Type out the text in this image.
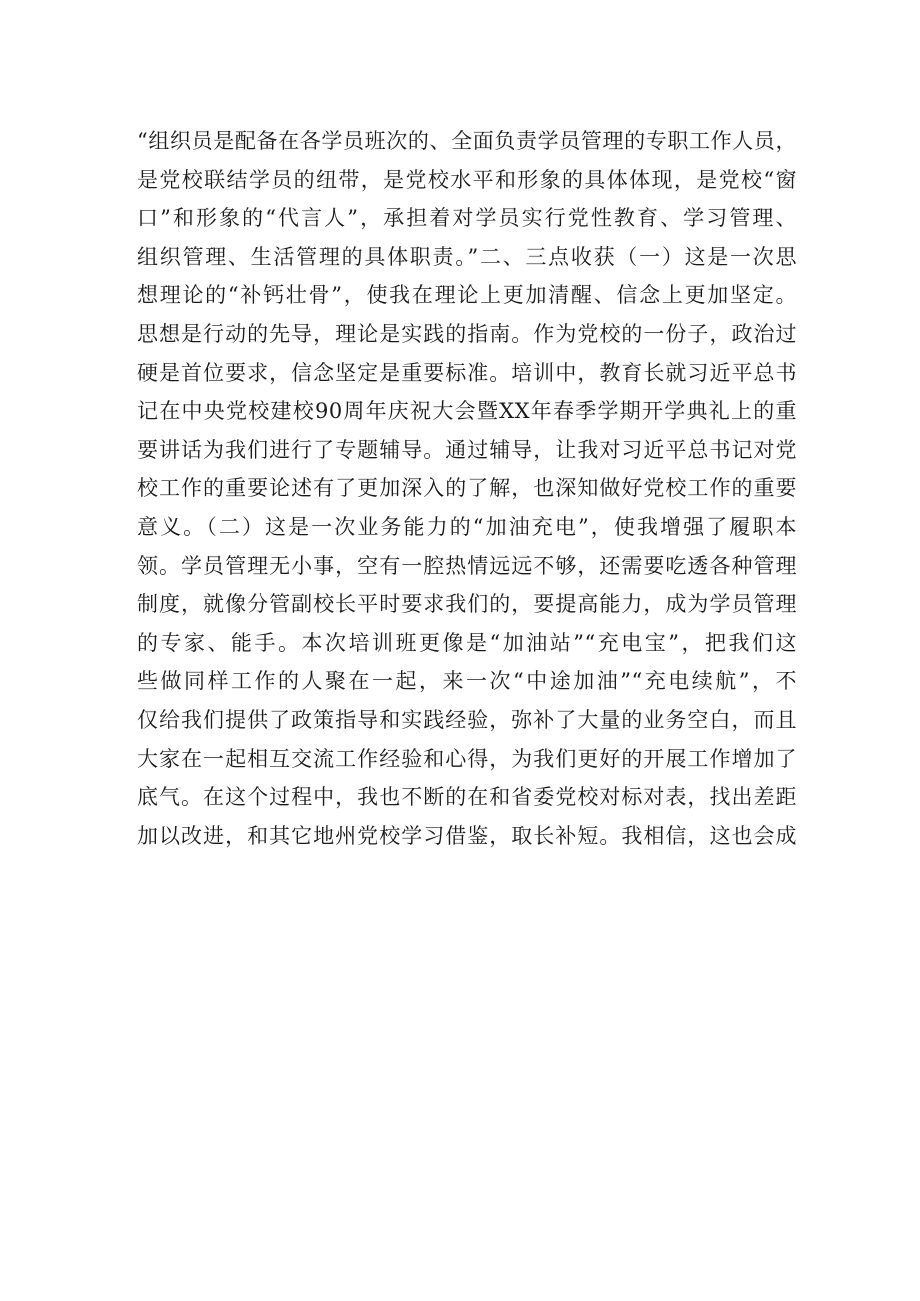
“组织员是配备在各学员班次的、全面负责学员管理的专职工作人员，
是党校联结学员的纽带，是党校水平和形象的具体体现，是党校“窗
口”和形象的“代言人”，承担着对学员实行党性教育、学习管理、
组织管理、生活管理的具体职责。”二、三点收获（一）这是一次思
想理论的“补钙壮骨”，使我在理论上更加清醒、信念上更加坚定。
思想是行动的先导，理论是实践的指南。作为党校的一份子，政治过
硬是首位要求，信念坚定是重要标准。培训中，教育长就习近平总书
记在中央党校建校90周年庆祝大会暨XX年春季学期开学典礼上的重
要讲话为我们进行了专题辅导。通过辅导，让我对习近平总书记对党
校工作的重要论述有了更加深入的了解，也深知做好党校工作的重要
意义。（二）这是一次业务能力的“加油充电”，使我增强了履职本
领。学员管理无小事，空有一腔热情远远不够，还需要吃透各种管理
制度，就像分管副校长平时要求我们的，要提高能力，成为学员管理
的专家、能手。本次培训班更像是“加油站”“充电宝”，把我们这
些做同样工作的人聚在一起，来一次“中途加油”“充电续航”，不
仅给我们提供了政策指导和实践经验，弥补了大量的业务空白，而且
大家在一起相互交流工作经验和心得，为我们更好的开展工作增加了
底气。在这个过程中，我也不断的在和省委党校对标对表，找出差距
加以改进，和其它地州党校学习借鉴，取长补短。我相信，这也会成
